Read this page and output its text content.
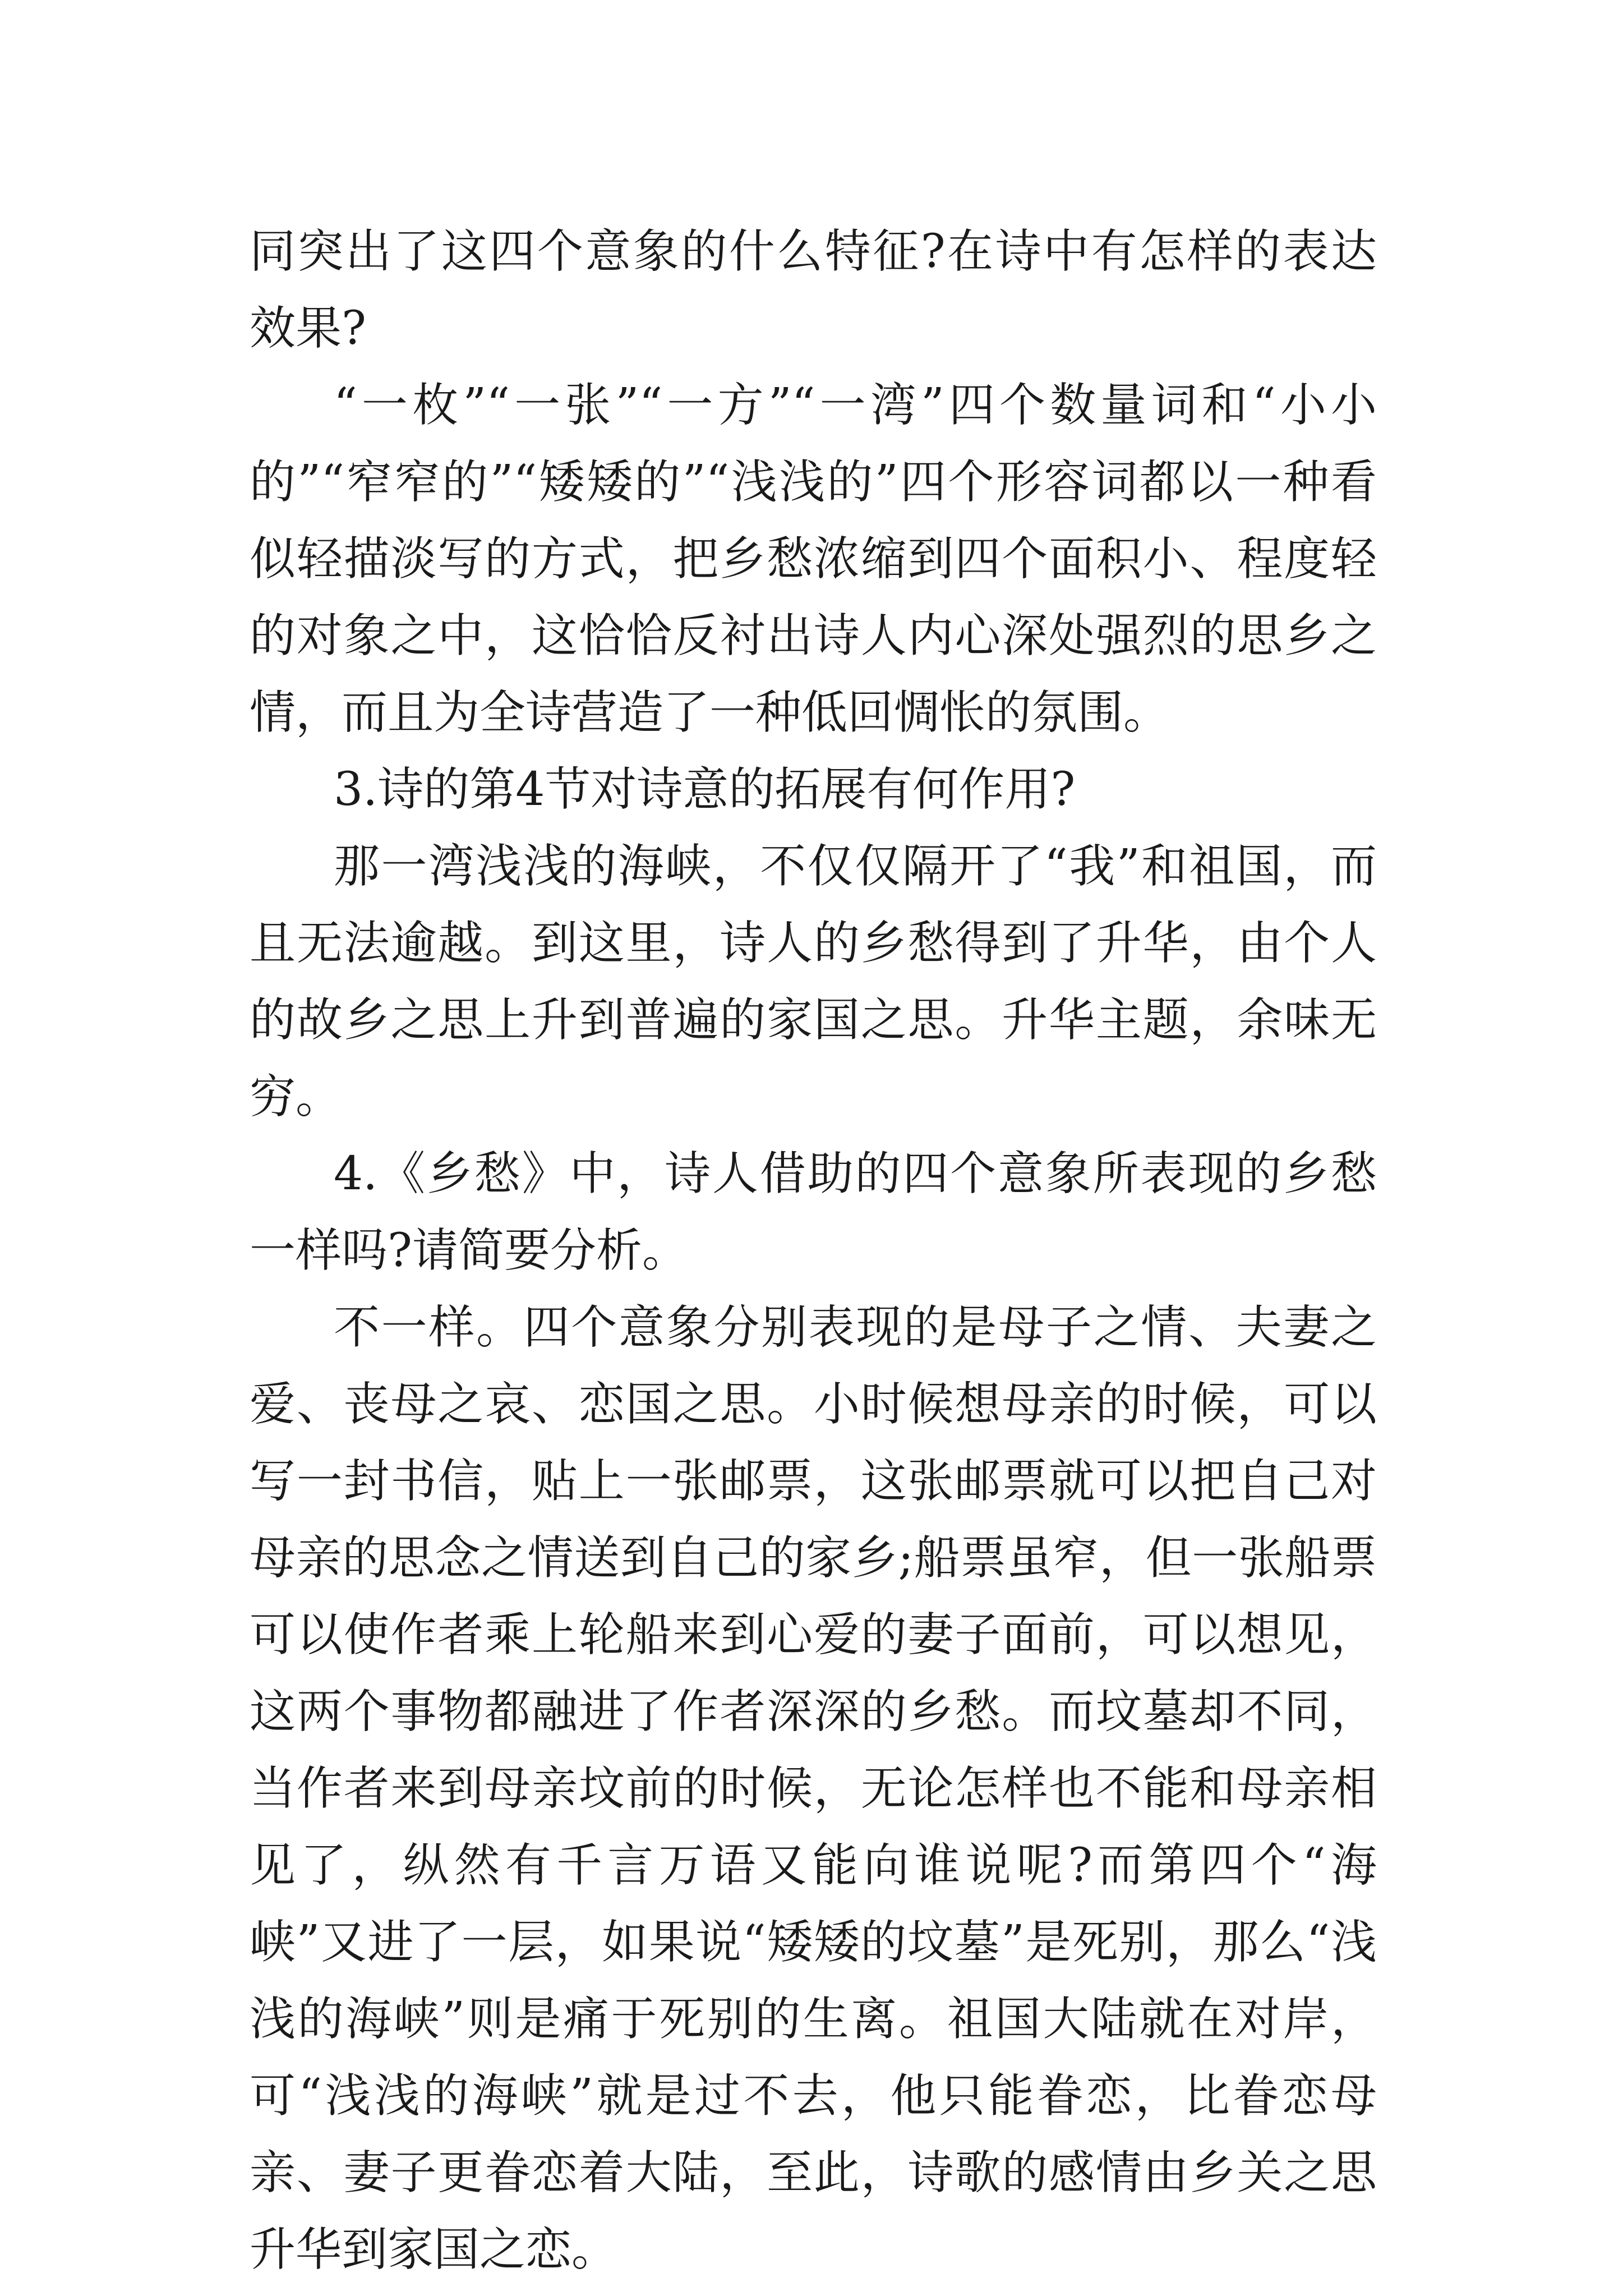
同突出了这四个意象的什么特征?在诗中有怎样的表达效果?

“一枚”“一张”“一方”“一湾”四个数量词和“小小的”“窄窄的”“矮矮的”“浅浅的”四个形容词都以一种看似轻描淡写的方式，把乡愁浓缩到四个面积小、程度轻的对象之中，这恰恰反衬出诗人内心深处强烈的思乡之情，而且为全诗营造了一种低回惆怅的氛围。

3.诗的第4节对诗意的拓展有何作用?

那一湾浅浅的海峡，不仅仅隔开了“我”和祖国，而且无法逾越。到这里，诗人的乡愁得到了升华，由个人的故乡之思上升到普遍的家国之思。升华主题，余味无穷。

4.《乡愁》中，诗人借助的四个意象所表现的乡愁一样吗?请简要分析。

不一样。四个意象分别表现的是母子之情、夫妻之爱、丧母之哀、恋国之思。小时候想母亲的时候，可以写一封书信，贴上一张邮票，这张邮票就可以把自己对母亲的思念之情送到自己的家乡;船票虽窄，但一张船票可以使作者乘上轮船来到心爱的妻子面前，可以想见，这两个事物都融进了作者深深的乡愁。而坟墓却不同，当作者来到母亲坟前的时候，无论怎样也不能和母亲相见了，纵然有千言万语又能向谁说呢?而第四个“海峡”又进了一层，如果说“矮矮的坟墓”是死别，那么“浅浅的海峡”则是痛于死别的生离。祖国大陆就在对岸，可“浅浅的海峡”就是过不去，他只能眷恋，比眷恋母亲、妻子更眷恋着大陆，至此，诗歌的感情由乡关之思升华到家国之恋。
